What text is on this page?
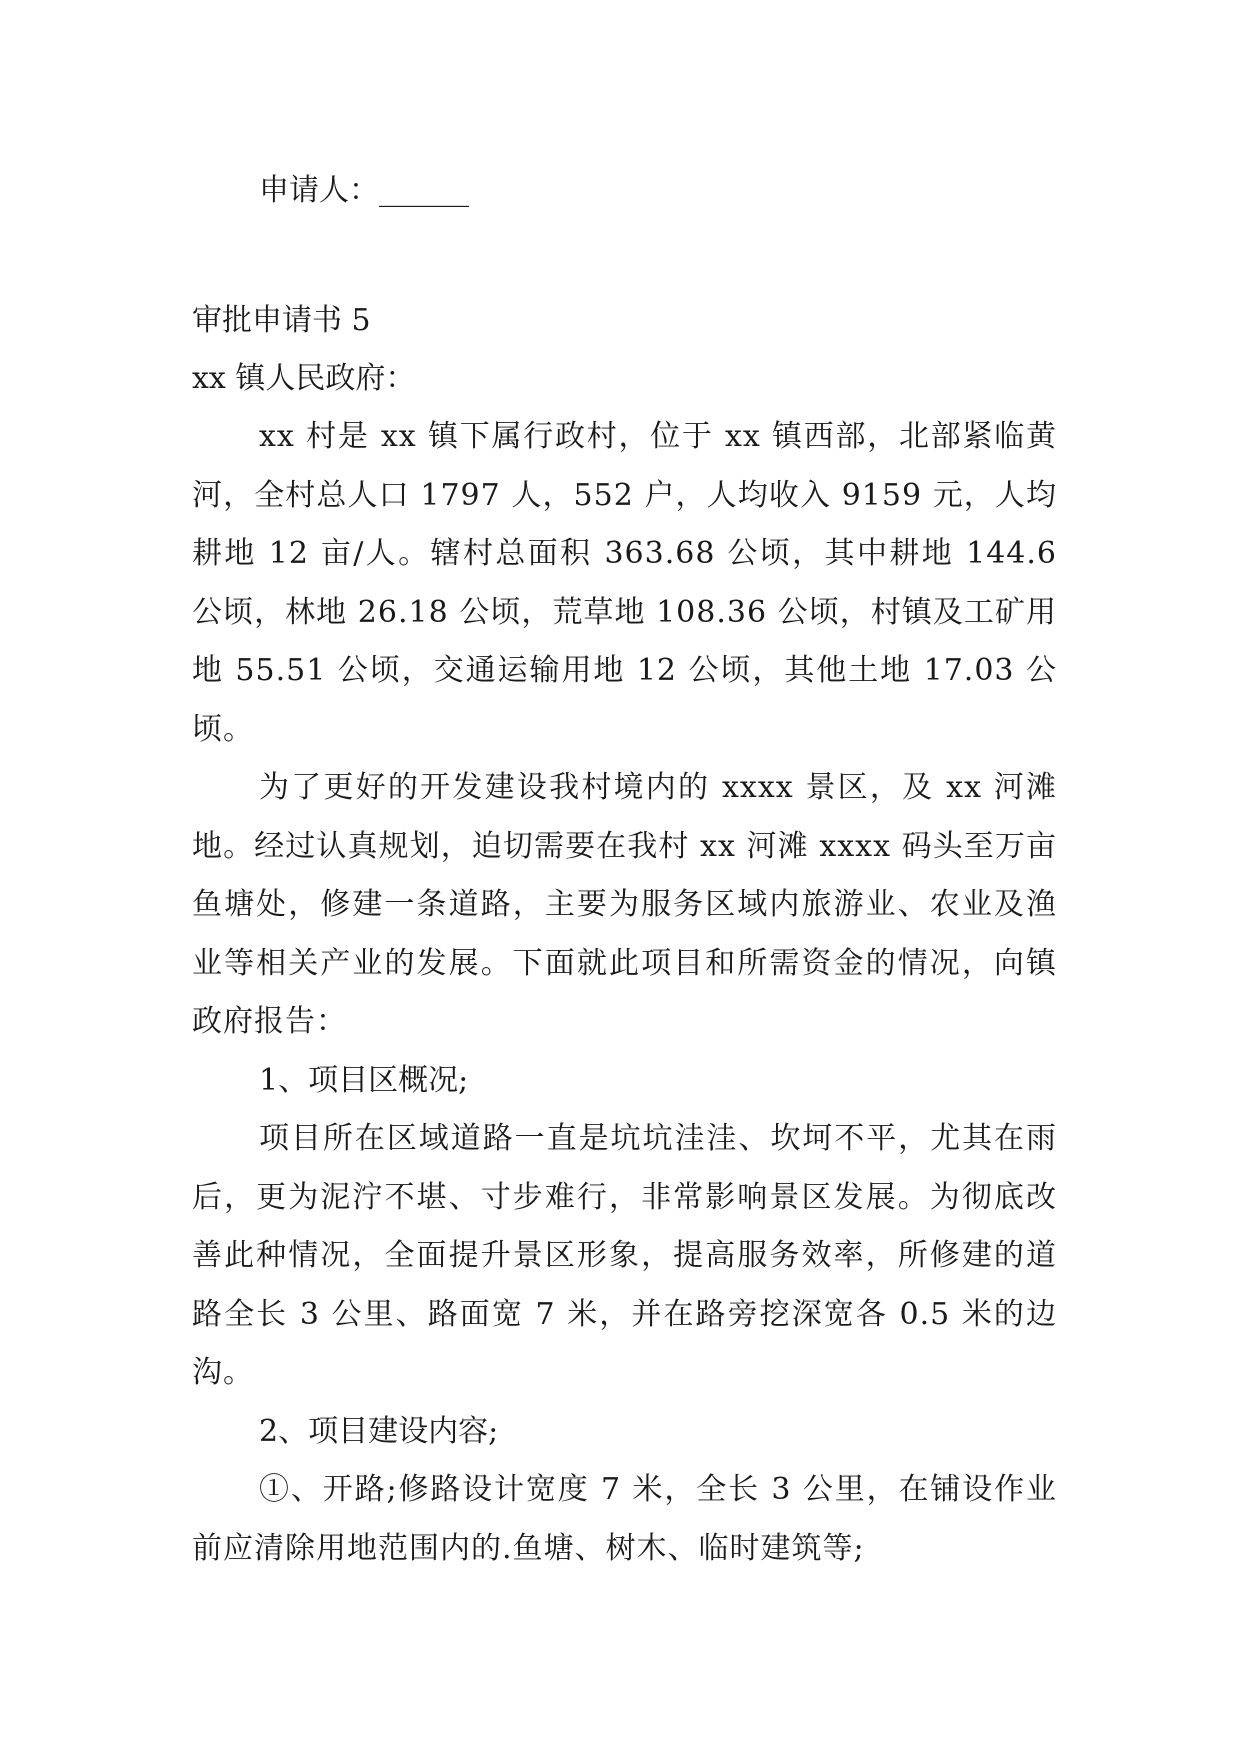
申请人：______

审批申请书 5

xx 镇人民政府：

xx 村是 xx 镇下属行政村，位于 xx 镇西部，北部紧临黄河，全村总人口 1797 人，552 户，人均收入 9159 元，人均耕地 12 亩/人。辖村总面积 363.68 公顷，其中耕地 144.6 公顷，林地 26.18 公顷，荒草地 108.36 公顷，村镇及工矿用地 55.51 公顷，交通运输用地 12 公顷，其他土地 17.03 公顷。

为了更好的开发建设我村境内的 xxxx 景区，及 xx 河滩地。经过认真规划，迫切需要在我村 xx 河滩 xxxx 码头至万亩鱼塘处，修建一条道路，主要为服务区域内旅游业、农业及渔业等相关产业的发展。下面就此项目和所需资金的情况，向镇政府报告：

1、项目区概况;

项目所在区域道路一直是坑坑洼洼、坎坷不平，尤其在雨后，更为泥泞不堪、寸步难行，非常影响景区发展。为彻底改善此种情况，全面提升景区形象，提高服务效率，所修建的道路全长 3 公里、路面宽 7 米，并在路旁挖深宽各 0.5 米的边沟。

2、项目建设内容;

①、开路;修路设计宽度 7 米，全长 3 公里，在铺设作业前应清除用地范围内的.鱼塘、树木、临时建筑等;
